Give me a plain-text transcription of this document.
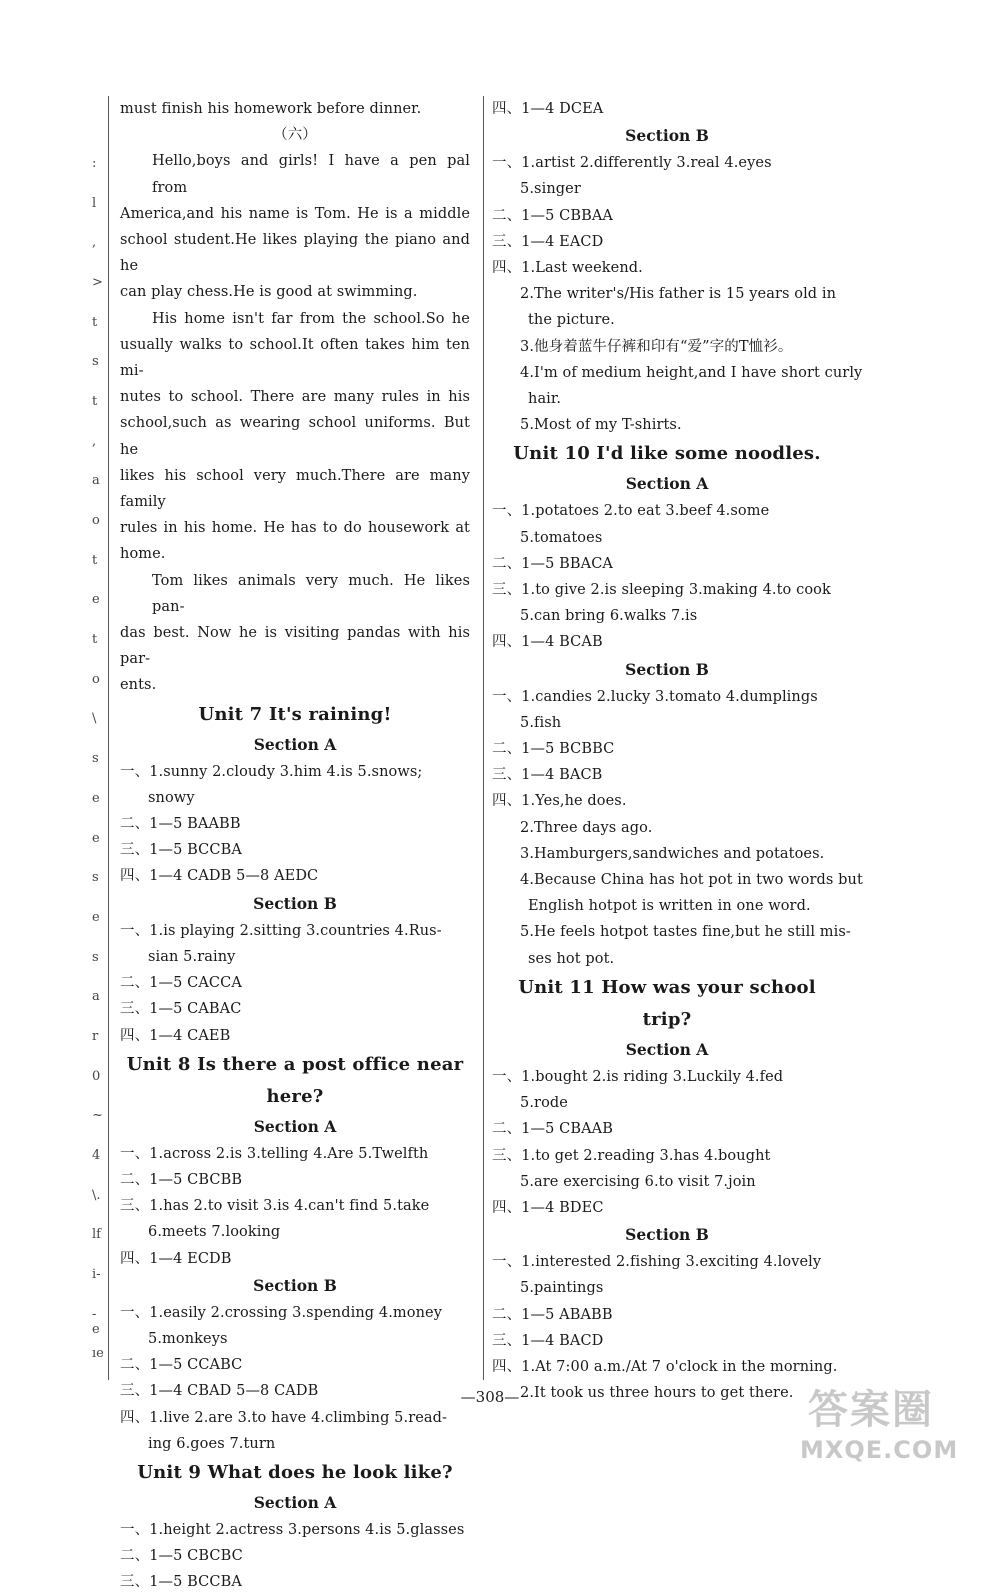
:
l
,
>
t
s
t
,
a
o
t
e
t
o
\
s
e
e
s
e
s
a
r
0
~
4
\.
lf
i-
-e
ıe
must finish his homework before dinner.
（六）
Hello,boys and girls! I have a pen pal from
America,and his name is Tom. He is a middle
school student.He likes playing the piano and he
can play chess.He is good at swimming.
His home isn't far from the school.So he
usually walks to school.It often takes him ten mi-
nutes to school. There are many rules in his
school,such as wearing school uniforms. But he
likes his school very much.There are many family
rules in his home. He has to do housework at
home.
Tom likes animals very much. He likes pan-
das best. Now he is visiting pandas with his par-
ents.
Unit 7 It's raining!
Section A
一、1.sunny 2.cloudy 3.him 4.is 5.snows;
snowy
二、1—5 BAABB
三、1—5 BCCBA
四、1—4 CADB 5—8 AEDC
Section B
一、1.is playing 2.sitting 3.countries 4.Rus-
sian 5.rainy
二、1—5 CACCA
三、1—5 CABAC
四、1—4 CAEB
Unit 8 Is there a post office near here?
Section A
一、1.across 2.is 3.telling 4.Are 5.Twelfth
二、1—5 CBCBB
三、1.has 2.to visit 3.is 4.can't find 5.take
6.meets 7.looking
四、1—4 ECDB
Section B
一、1.easily 2.crossing 3.spending 4.money
5.monkeys
二、1—5 CCABC
三、1—4 CBAD 5—8 CADB
四、1.live 2.are 3.to have 4.climbing 5.read-
ing 6.goes 7.turn
Unit 9 What does he look like?
Section A
一、1.height 2.actress 3.persons 4.is 5.glasses
二、1—5 CBCBC
三、1—5 BCCBA
四、1—4 DCEA
Section B
一、1.artist 2.differently 3.real 4.eyes
5.singer
二、1—5 CBBAA
三、1—4 EACD
四、1.Last weekend.
2.The writer's/His father is 15 years old in
the picture.
3.他身着蓝牛仔裤和印有“爱”字的T恤衫。
4.I'm of medium height,and I have short curly
hair.
5.Most of my T-shirts.
Unit 10 I'd like some noodles.
Section A
一、1.potatoes 2.to eat 3.beef 4.some
5.tomatoes
二、1—5 BBACA
三、1.to give 2.is sleeping 3.making 4.to cook
5.can bring 6.walks 7.is
四、1—4 BCAB
Section B
一、1.candies 2.lucky 3.tomato 4.dumplings
5.fish
二、1—5 BCBBC
三、1—4 BACB
四、1.Yes,he does.
2.Three days ago.
3.Hamburgers,sandwiches and potatoes.
4.Because China has hot pot in two words but
English hotpot is written in one word.
5.He feels hotpot tastes fine,but he still mis-
ses hot pot.
Unit 11 How was your school trip?
Section A
一、1.bought 2.is riding 3.Luckily 4.fed
5.rode
二、1—5 CBAAB
三、1.to get 2.reading 3.has 4.bought
5.are exercising 6.to visit 7.join
四、1—4 BDEC
Section B
一、1.interested 2.fishing 3.exciting 4.lovely
5.paintings
二、1—5 ABABB
三、1—4 BACD
四、1.At 7:00 a.m./At 7 o'clock in the morning.
2.It took us three hours to get there.
—308—	答案圈
MXQE.COM
